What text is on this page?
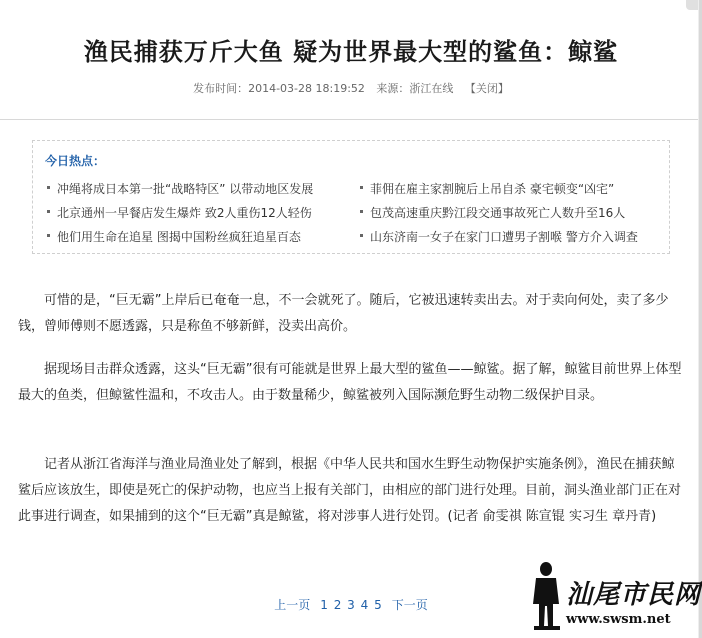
渔民捕获万斤大鱼 疑为世界最大型的鲨鱼：鲸鲨
发布时间：2014-03-28 18:19:52 来源：浙江在线 【关闭】
今日热点：
冲绳将成日本第一批“战略特区” 以带动地区发展	菲佣在雇主家割腕后上吊自杀 豪宅顿变“凶宅”
北京通州一早餐店发生爆炸 致2人重伤12人轻伤	包茂高速重庆黔江段交通事故死亡人数升至16人
他们用生命在追星 图揭中国粉丝疯狂追星百态	山东济南一女子在家门口遭男子割喉 警方介入调查

可惜的是，“巨无霸”上岸后已奄奄一息，不一会就死了。随后，它被迅速转卖出去。对于卖向何处，卖了多少钱，曾师傅则不愿透露，只是称鱼不够新鲜，没卖出高价。

据现场目击群众透露，这头“巨无霸”很有可能就是世界上最大型的鲨鱼——鲸鲨。据了解，鲸鲨目前世界上体型最大的鱼类，但鲸鲨性温和，不攻击人。由于数量稀少，鲸鲨被列入国际濒危野生动物二级保护目录。

记者从浙江省海洋与渔业局渔业处了解到，根据《中华人民共和国水生野生动物保护实施条例》，渔民在捕获鲸鲨后应该放生，即使是死亡的保护动物，也应当上报有关部门，由相应的部门进行处理。目前，洞头渔业部门正在对此事进行调查，如果捕到的这个“巨无霸”真是鲸鲨，将对涉事人进行处罚。(记者 俞雯祺 陈宣锟 实习生 章丹青)

上一页 1 2 3 4 5 下一页	汕尾市民网
www.swsm.net
